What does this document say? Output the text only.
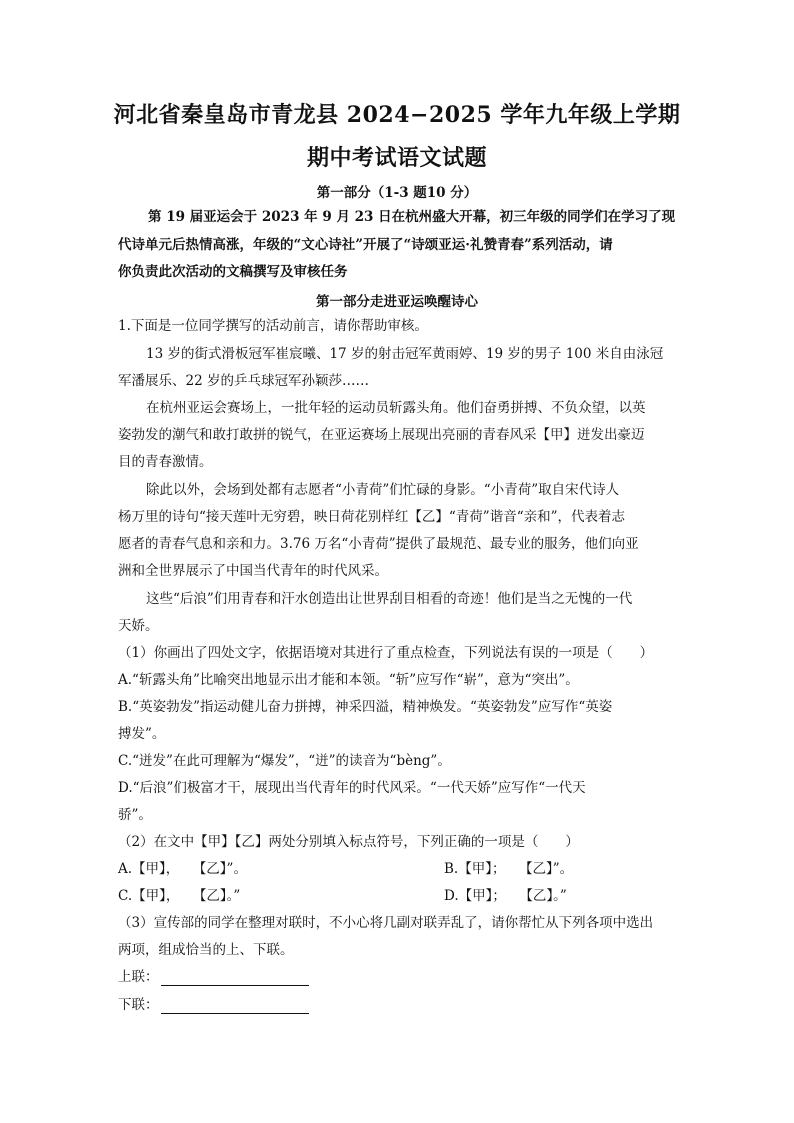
河北省秦皇岛市青龙县 2024−2025 学年九年级上学期
期中考试语文试题
第一部分（1-3 题10 分）
第 19 届亚运会于 2023 年 9 月 23 日在杭州盛大开幕，初三年级的同学们在学习了现
代诗单元后热情高涨，年级的“文心诗社”开展了“诗颂亚运·礼赞青春”系列活动，请
你负责此次活动的文稿撰写及审核任务
第一部分走进亚运唤醒诗心
1.下面是一位同学撰写的活动前言，请你帮助审核。
13 岁的街式滑板冠军崔宸曦、17 岁的射击冠军黄雨婷、19 岁的男子 100 米自由泳冠
军潘展乐、22 岁的乒乓球冠军孙颖莎……
在杭州亚运会赛场上，一批年轻的运动员斩露头角。他们奋勇拼搏、不负众望，以英
姿勃发的潮气和敢打敢拼的锐气，在亚运赛场上展现出亮丽的青春风采【甲】迸发出豪迈
目的青春激情。
除此以外，会场到处都有志愿者“小青荷”们忙碌的身影。“小青荷”取自宋代诗人
杨万里的诗句“接天莲叶无穷碧，映日荷花别样红【乙】“青荷”谐音“亲和”，代表着志
愿者的青春气息和亲和力。3.76 万名“小青荷”提供了最规范、最专业的服务，他们向亚
洲和全世界展示了中国当代青年的时代风采。
这些“后浪”们用青春和汗水创造出让世界刮目相看的奇迹！他们是当之无愧的一代
天娇。
（1）你画出了四处文字，依据语境对其进行了重点检查，下列说法有误的一项是（　　）
A.“斩露头角”比喻突出地显示出才能和本领。“斩”应写作“崭”，意为“突出”。
B.“英姿勃发”指运动健儿奋力拼搏，神采四溢，精神焕发。“英姿勃发”应写作“英姿
搏发”。
C.“迸发”在此可理解为“爆发”，“迸”的读音为“bèng”。
D.“后浪”们极富才干，展现出当代青年的时代风采。“一代天娇”应写作“一代天
骄”。
（2）在文中【甲】【乙】两处分别填入标点符号，下列正确的一项是（　　）
A.【甲】，　　【乙】”。	B.【甲】；　　【乙】”。
C.【甲】，　　【乙】。”	D.【甲】；　　【乙】。”
（3）宣传部的同学在整理对联时，不小心将几副对联弄乱了，请你帮忙从下列各项中选出
两项，组成恰当的上、下联。
上联：
下联：
